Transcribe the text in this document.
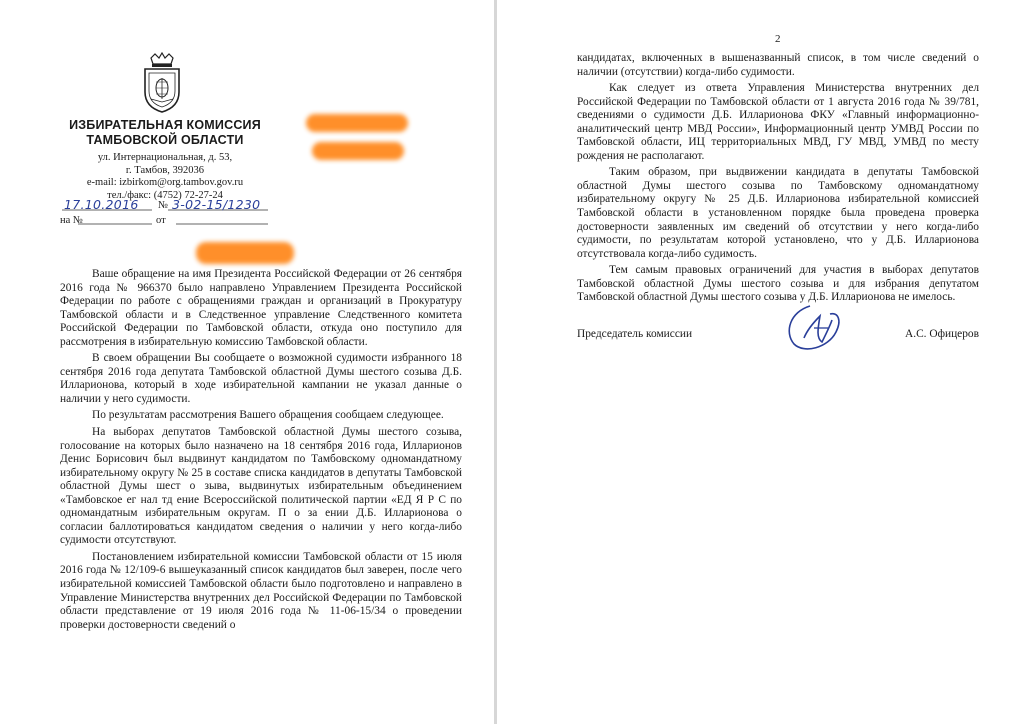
ИЗБИРАТЕЛЬНАЯ КОМИССИЯ
ТАМБОВСКОЙ ОБЛАСТИ
ул. Интернациональная, д. 53,
г. Тамбов, 392036
e-mail: izbirkom@org.tambov.gov.ru
тел./факс: (4752) 72-27-24
17.10.2016 № 3-02-15/1230
на №	от

Ваше обращение на имя Президента Российской Федерации от 26 сентября 2016 года № 966370 было направлено Управлением Президента Российской Федерации по работе с обращениями граждан и организаций в Прокуратуру Тамбовской области и в Следственное управление Следственного комитета Российской Федерации по Тамбовской области, откуда оно поступило для рассмотрения в избирательную комиссию Тамбовской области.

В своем обращении Вы сообщаете о возможной судимости избранного 18 сентября 2016 года депутата Тамбовской областной Думы шестого созыва Д.Б. Илларионова, который в ходе избирательной кампании не указал данные о наличии у него судимости.

По результатам рассмотрения Вашего обращения сообщаем следующее.

На выборах депутатов Тамбовской областной Думы шестого созыва, голосование на которых было назначено на 18 сентября 2016 года, Илларионов Денис Борисович был выдвинут кандидатом по Тамбовскому одномандатному избирательному округу № 25 в составе списка кандидатов в депутаты Тамбовской областной Думы шест о зыва, выдвинутых избирательным объединением «Тамбовское ег нал тд ение Всероссийской политической партии «ЕД Я Р С по одномандатным избирательным округам. П о за ении Д.Б. Илларионова о согласии баллотироваться кандидатом сведения о наличии у него когда-либо судимости отсутствуют.

Постановлением избирательной комиссии Тамбовской области от 15 июля 2016 года № 12/109-6 вышеуказанный список кандидатов был заверен, после чего избирательной комиссией Тамбовской области было подготовлено и направлено в Управление Министерства внутренних дел Российской Федерации по Тамбовской области представление от 19 июля 2016 года № 11-06-15/34 о проведении проверки достоверности сведений о

2

кандидатах, включенных в вышеназванный список, в том числе сведений о наличии (отсутствии) когда-либо судимости.

Как следует из ответа Управления Министерства внутренних дел Российской Федерации по Тамбовской области от 1 августа 2016 года № 39/781, сведениями о судимости Д.Б. Илларионова ФКУ «Главный информационно-аналитический центр МВД России», Информационный центр УМВД России по Тамбовской области, ИЦ территориальных МВД, ГУ МВД, УМВД по месту рождения не располагают.

Таким образом, при выдвижении кандидата в депутаты Тамбовской областной Думы шестого созыва по Тамбовскому одномандатному избирательному округу № 25 Д.Б. Илларионова избирательной комиссией Тамбовской области в установленном порядке была проведена проверка достоверности заявленных им сведений об отсутствии у него когда-либо судимости, по результатам которой установлено, что у Д.Б. Илларионова отсутствовала когда-либо судимость.

Тем самым правовых ограничений для участия в выборах депутатов Тамбовской областной Думы шестого созыва и для избрания депутатом Тамбовской областной Думы шестого созыва у Д.Б. Илларионова не имелось.

Председатель комиссии	А.С. Офицеров
